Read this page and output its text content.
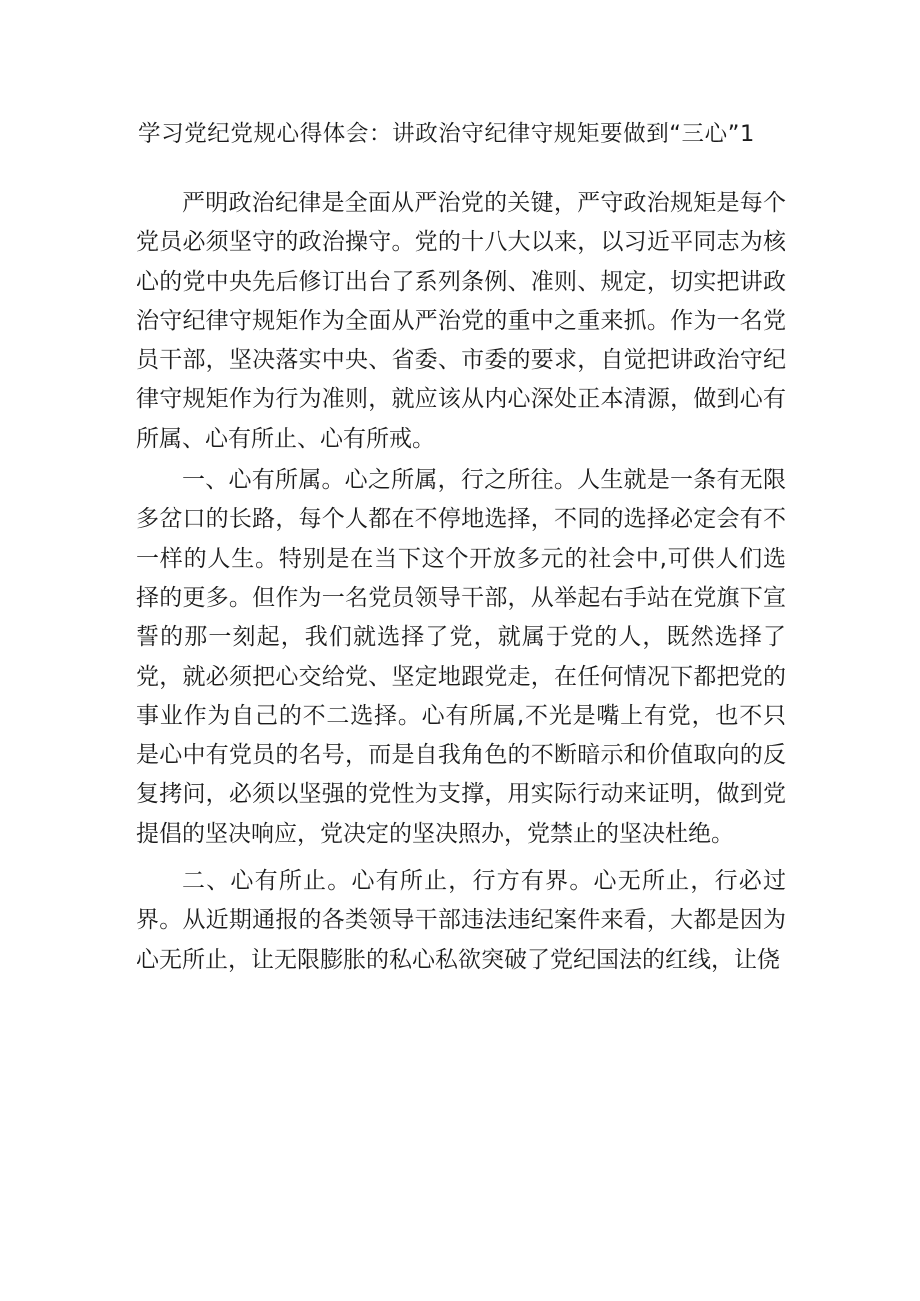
学习党纪党规心得体会：讲政治守纪律守规矩要做到“三心”1

严明政治纪律是全面从严治党的关键，严守政治规矩是每个党员必须坚守的政治操守。党的十八大以来，以习近平同志为核心的党中央先后修订出台了系列条例、准则、规定，切实把讲政治守纪律守规矩作为全面从严治党的重中之重来抓。作为一名党员干部，坚决落实中央、省委、市委的要求，自觉把讲政治守纪律守规矩作为行为准则，就应该从内心深处正本清源，做到心有所属、心有所止、心有所戒。

一、心有所属。心之所属，行之所往。人生就是一条有无限多岔口的长路，每个人都在不停地选择，不同的选择必定会有不一样的人生。特别是在当下这个开放多元的社会中,可供人们选择的更多。但作为一名党员领导干部，从举起右手站在党旗下宣誓的那一刻起，我们就选择了党，就属于党的人，既然选择了党，就必须把心交给党、坚定地跟党走，在任何情况下都把党的事业作为自己的不二选择。心有所属,不光是嘴上有党，也不只是心中有党员的名号，而是自我角色的不断暗示和价值取向的反复拷问，必须以坚强的党性为支撑，用实际行动来证明，做到党提倡的坚决响应，党决定的坚决照办，党禁止的坚决杜绝。

二、心有所止。心有所止，行方有界。心无所止，行必过界。从近期通报的各类领导干部违法违纪案件来看，大都是因为心无所止，让无限膨胀的私心私欲突破了党纪国法的红线，让侥
